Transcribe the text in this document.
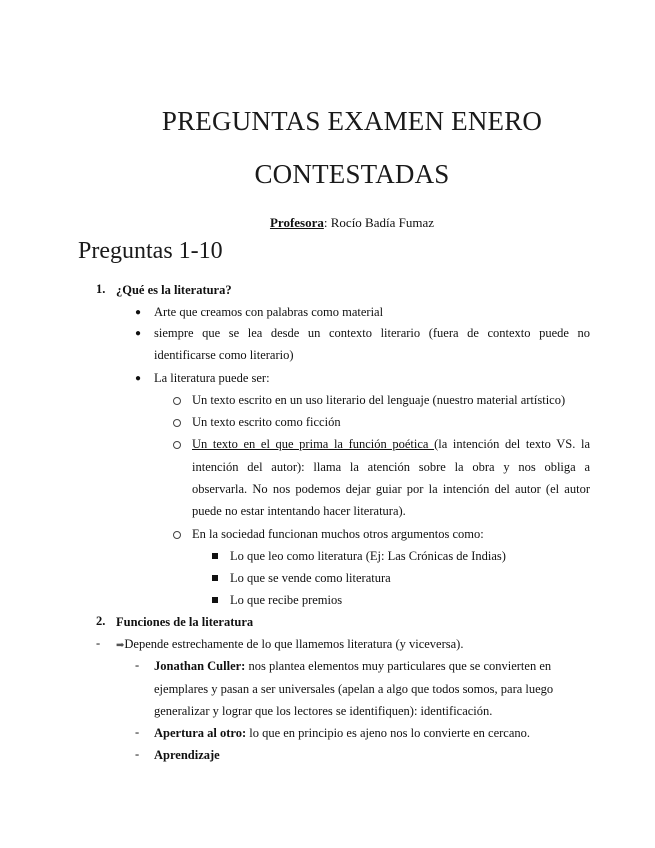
PREGUNTAS EXAMEN ENERO
CONTESTADAS
Profesora: Rocío Badía Fumaz
Preguntas 1-10
1. ¿Qué es la literatura?
● Arte que creamos con palabras como material
● siempre que se lea desde un contexto literario (fuera de contexto puede no
identificarse como literario)
● La literatura puede ser:
Un texto escrito en un uso literario del lenguaje (nuestro material artístico)
Un texto escrito como ficción
Un texto en el que prima la función poética (la intención del texto VS. la
intención del autor): llama la atención sobre la obra y nos obliga a
observarla. No nos podemos dejar guiar por la intención del autor (el autor
puede no estar intentando hacer literatura).
En la sociedad funcionan muchos otros argumentos como:
Lo que leo como literatura (Ej: Las Crónicas de Indias)
Lo que se vende como literatura
Lo que recibe premios
2. Funciones de la literatura
- ➡Depende estrechamente de lo que llamemos literatura (y viceversa).
- Jonathan Culler: nos plantea elementos muy particulares que se convierten en
ejemplares y pasan a ser universales (apelan a algo que todos somos, para luego
generalizar y lograr que los lectores se identifiquen): identificación.
- Apertura al otro: lo que en principio es ajeno nos lo convierte en cercano.
- Aprendizaje
